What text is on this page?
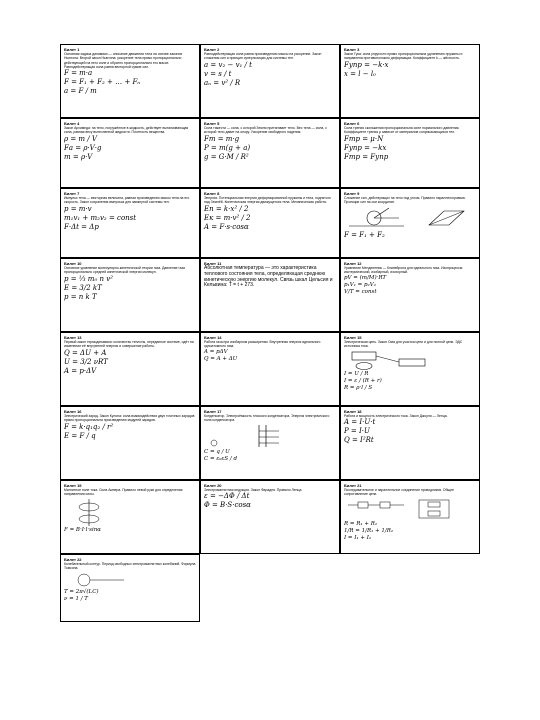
Билет 1
Основная задача динамики — описание движения тела на основе законов Ньютона. Второй закон Ньютона: ускорение тела прямо пропорционально действующей на него силе и обратно пропорционально его массе. Равнодействующая сила равна векторной сумме сил.
F = m·a
F = F₁ + F₂ + … + Fₙ
a = F / m
Билет 2
Равнодействующая сила равна произведению массы на ускорение. Закон сложения сил и принцип суперпозиции для системы тел.
a = v₂ − v₁ / t
v = s / t
aₙ = v² / R
Билет 3
Закон Гука: сила упругости прямо пропорциональна удлинению пружины и направлена противоположно деформации. Коэффициент k — жёсткость.
Fупр = −k·x
x = l − l₀
Билет 4
Закон Архимеда: на тело, погружённое в жидкость, действует выталкивающая сила, равная весу вытесненной жидкости. Плотность вещества.
ρ = m / V
Fа = ρ·V·g
m = ρ·V
Билет 5
Сила тяжести — сила, с которой Земля притягивает тело. Вес тела — сила, с которой тело давит на опору. Ускорение свободного падения.
Fт = m·g
P = m(g + a)
g = G·M / R²
Билет 6
Сила трения скольжения пропорциональна силе нормального давления. Коэффициент трения μ зависит от материалов соприкасающихся тел.
Fтр = μ·N
Fупр = −kx
Fтр = Fупр
Билет 7
Импульс тела — векторная величина, равная произведению массы тела на его скорость. Закон сохранения импульса для замкнутой системы тел.
p = m·v
m₁v₁ + m₂v₂ = const
F·Δt = Δp
Билет 8
Энергия. Потенциальная энергия деформированной пружины и тела, поднятого над Землёй. Кинетическая энергия движущегося тела. Механическая работа.
Eп = k·x² / 2
Eк = m·v² / 2
A = F·s·cosα
Билет 9
Сложение сил, действующих на тело под углом. Правило параллелограмма. Проекции сил на оси координат.
F = F₁ + F₂
Билет 10
Основное уравнение молекулярно-кинетической теории газа. Давление газа пропорционально средней кинетической энергии молекул.
p = ⅓ m₀ n v²
E = 3/2 kT
p = n k T
Билет 11
Абсолютная температура — это характеристика теплового состояния тела, определяющая среднюю кинетическую энергию молекул. Связь шкал Цельсия и Кельвина: T = t + 273.
Билет 12
Уравнение Менделеева — Клапейрона для идеального газа. Изопроцессы: изотермический, изобарный, изохорный.
pV = (m/M)·RT
p₁V₁ = p₂V₂
V/T = const
Билет 13
Первый закон термодинамики: количество теплоты, переданное системе, идёт на изменение её внутренней энергии и совершение работы.
Q = ΔU + A
U = 3/2 νRT
A = p·ΔV
Билет 14
Работа газа при изобарном расширении. Внутренняя энергия идеального одноатомного газа.
A = pΔV
Q = A + ΔU
Билет 15
Электрическая цепь. Закон Ома для участка цепи и для полной цепи. ЭДС источника тока.
I = U / R
I = ε / (R + r)
R = ρ·l / S
Билет 16
Электрический заряд. Закон Кулона: сила взаимодействия двух точечных зарядов прямо пропорциональна произведению модулей зарядов.
F = k·q₁q₂ / r²
E = F / q
Билет 17
Конденсатор. Электроёмкость плоского конденсатора. Энергия электрического поля конденсатора.
C = q / U
C = ε₀εS / d
Билет 18
Работа и мощность электрического тока. Закон Джоуля — Ленца.
A = I·U·t
P = I·U
Q = I²Rt
Билет 19
Магнитное поле тока. Сила Ампера. Правило левой руки для определения направления силы.
F = B·I·l·sinα
Билет 20
Электромагнитная индукция. Закон Фарадея. Правило Ленца.
ε = −ΔΦ / Δt
Φ = B·S·cosα
Билет 21
Последовательное и параллельное соединение проводников. Общее сопротивление цепи.
R = R₁ + R₂
1/R = 1/R₁ + 1/R₂
I = I₁ + I₂
Билет 22
Колебательный контур. Период свободных электромагнитных колебаний. Формула Томсона.
T = 2π√(LC)
ν = 1 / T
